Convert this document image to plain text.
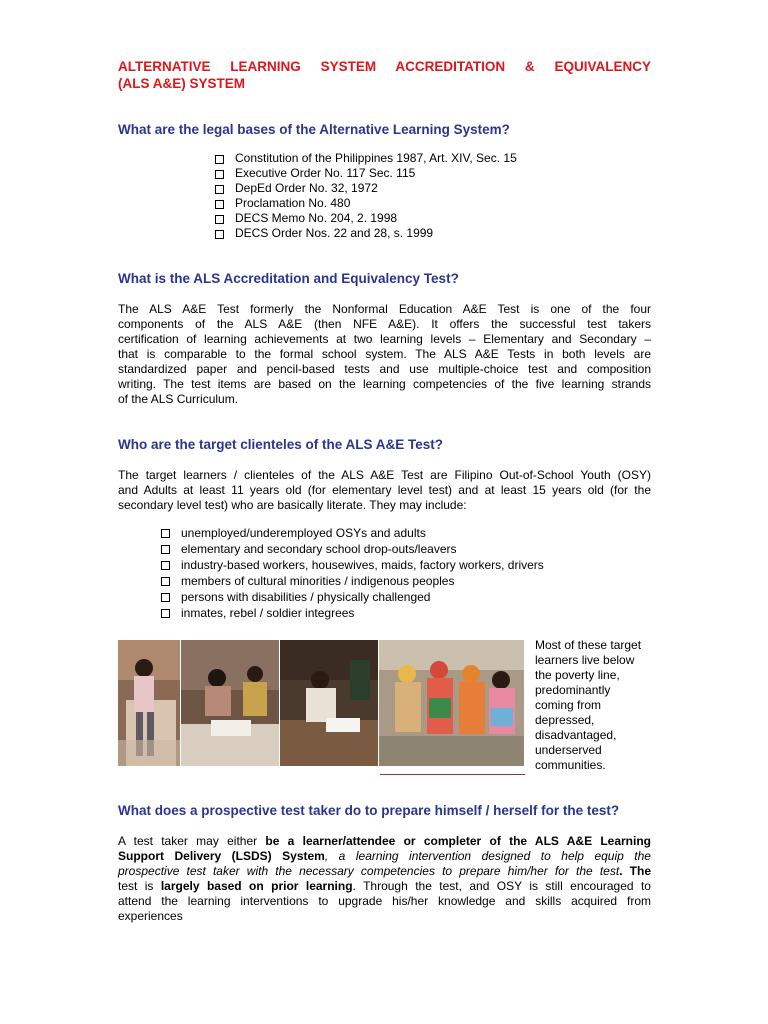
ALTERNATIVE LEARNING SYSTEM ACCREDITATION & EQUIVALENCY
(ALS A&E) SYSTEM
What are the legal bases of the Alternative Learning System?
Constitution of the Philippines 1987, Art. XIV, Sec. 15
Executive Order No. 117 Sec. 115
DepEd Order No. 32, 1972
Proclamation No. 480
DECS Memo No. 204, 2. 1998
DECS Order Nos. 22 and 28, s. 1999
What is the ALS Accreditation and Equivalency Test?
The ALS A&E Test formerly the Nonformal Education A&E Test is one of the four
components of the ALS A&E (then NFE A&E). It offers the successful test takers
certification of learning achievements at two learning levels – Elementary and Secondary –
that is comparable to the formal school system. The ALS A&E Tests in both levels are
standardized paper and pencil-based tests and use multiple-choice test and composition
writing. The test items are based on the learning competencies of the five learning strands
of the ALS Curriculum.
Who are the target clienteles of the ALS A&E Test?
The target learners / clienteles of the ALS A&E Test are Filipino Out-of-School Youth (OSY)
and Adults at least 11 years old (for elementary level test) and at least 15 years old (for the
secondary level test) who are basically literate. They may include:
unemployed/underemployed OSYs and adults
elementary and secondary school drop-outs/leavers
industry-based workers, housewives, maids, factory workers, drivers
members of cultural minorities / indigenous peoples
persons with disabilities / physically challenged
inmates, rebel / soldier integrees
Most of these target
learners live below
the poverty line,
predominantly
coming from
depressed,
disadvantaged,
underserved
communities.
What does a prospective test taker do to prepare himself / herself for the test?
A test taker may either be a learner/attendee or completer of the ALS A&E Learning
Support Delivery (LSDS) System, a learning intervention designed to help equip the
prospective test taker with the necessary competencies to prepare him/her for the test. The
test is largely based on prior learning. Through the test, and OSY is still encouraged to
attend the learning interventions to upgrade his/her knowledge and skills acquired from
experiences
